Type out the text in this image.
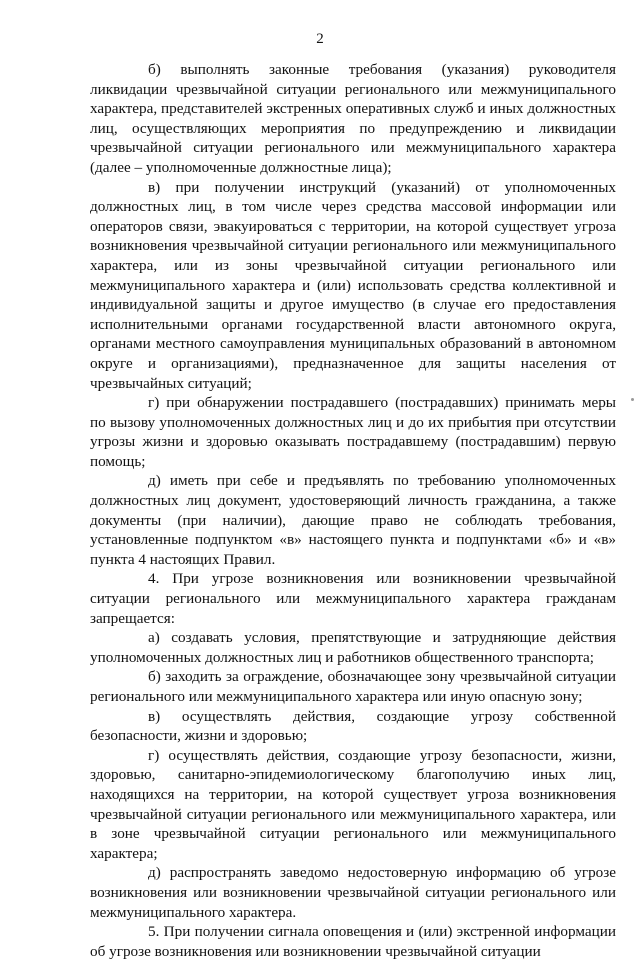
2

б) выполнять законные требования (указания) руководителя ликвидации чрезвычайной ситуации регионального или межмуниципального характера, представителей экстренных оперативных служб и иных должностных лиц, осуществляющих мероприятия по предупреждению и ликвидации чрезвычайной ситуации регионального или межмуниципального характера (далее – уполномоченные должностные лица);

в) при получении инструкций (указаний) от уполномоченных должностных лиц, в том числе через средства массовой информации или операторов связи, эвакуироваться с территории, на которой существует угроза возникновения чрезвычайной ситуации регионального или межмуниципального характера, или из зоны чрезвычайной ситуации регионального или межмуниципального характера и (или) использовать средства коллективной и индивидуальной защиты и другое имущество (в случае его предоставления исполнительными органами государственной власти автономного округа, органами местного самоуправления муниципальных образований в автономном округе и организациями), предназначенное для защиты населения от чрезвычайных ситуаций;

г) при обнаружении пострадавшего (пострадавших) принимать меры по вызову уполномоченных должностных лиц и до их прибытия при отсутствии угрозы жизни и здоровью оказывать пострадавшему (пострадавшим) первую помощь;

д) иметь при себе и предъявлять по требованию уполномоченных должностных лиц документ, удостоверяющий личность гражданина, а также документы (при наличии), дающие право не соблюдать требования, установленные подпунктом «в» настоящего пункта и подпунктами «б» и «в» пункта 4 настоящих Правил.

4. При угрозе возникновения или возникновении чрезвычайной ситуации регионального или межмуниципального характера гражданам запрещается:

а) создавать условия, препятствующие и затрудняющие действия уполномоченных должностных лиц и работников общественного транспорта;

б) заходить за ограждение, обозначающее зону чрезвычайной ситуации регионального или межмуниципального характера или иную опасную зону;

в) осуществлять действия, создающие угрозу собственной безопасности, жизни и здоровью;

г) осуществлять действия, создающие угрозу безопасности, жизни, здоровью, санитарно-эпидемиологическому благополучию иных лиц, находящихся на территории, на которой существует угроза возникновения чрезвычайной ситуации регионального или межмуниципального характера, или в зоне чрезвычайной ситуации регионального или межмуниципального характера;

д) распространять заведомо недостоверную информацию об угрозе возникновения или возникновении чрезвычайной ситуации регионального или межмуниципального характера.

5. При получении сигнала оповещения и (или) экстренной информации об угрозе возникновения или возникновении чрезвычайной ситуации
